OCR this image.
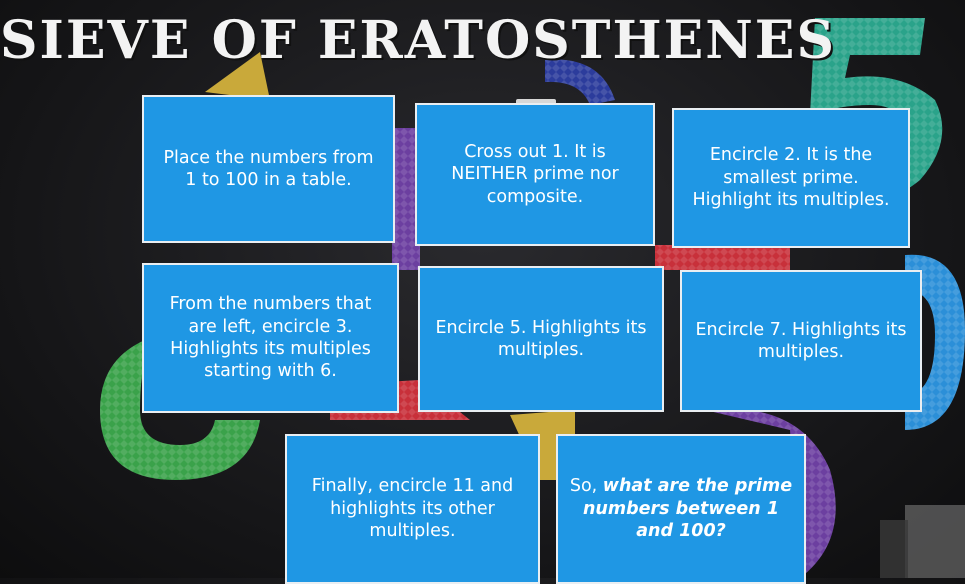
SIEVE OF ERATOSTHENES
Place the numbers from
1 to 100 in a table.
Cross out 1. It is
NEITHER prime nor
composite.
Encircle 2. It is the
smallest prime.
Highlight its multiples.
From the numbers that
are left, encircle 3.
Highlights its multiples
starting with 6.
Encircle 5. Highlights its
multiples.
Encircle 7. Highlights its
multiples.
Finally, encircle 11 and
highlights its other
multiples.
So, what are the prime
numbers between 1
and 100?
